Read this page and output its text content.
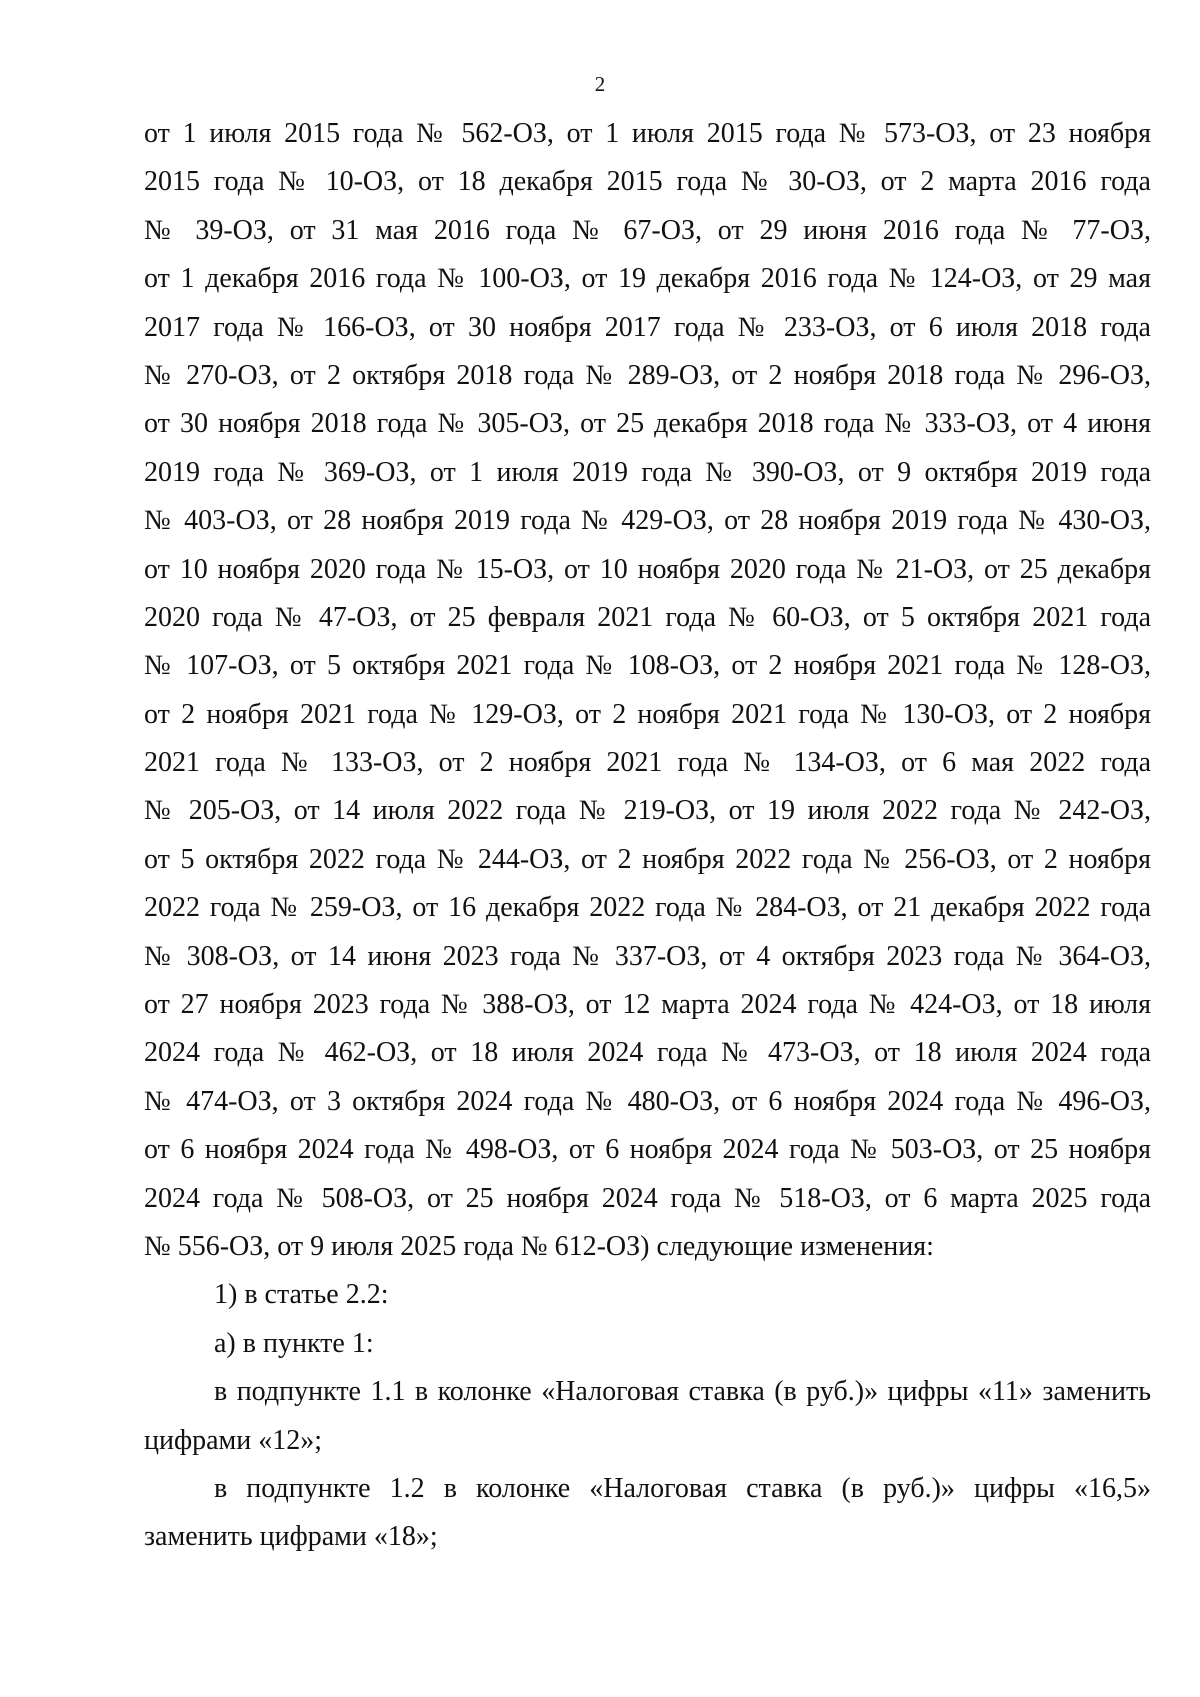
2
от 1 июля 2015 года № 562-ОЗ, от 1 июля 2015 года № 573-ОЗ, от 23 ноября
2015 года № 10-ОЗ, от 18 декабря 2015 года № 30-ОЗ, от 2 марта 2016 года
№ 39-ОЗ, от 31 мая 2016 года № 67-ОЗ, от 29 июня 2016 года № 77-ОЗ,
от 1 декабря 2016 года № 100-ОЗ, от 19 декабря 2016 года № 124-ОЗ, от 29 мая
2017 года № 166-ОЗ, от 30 ноября 2017 года № 233-ОЗ, от 6 июля 2018 года
№ 270-ОЗ, от 2 октября 2018 года № 289-ОЗ, от 2 ноября 2018 года № 296-ОЗ,
от 30 ноября 2018 года № 305-ОЗ, от 25 декабря 2018 года № 333-ОЗ, от 4 июня
2019 года № 369-ОЗ, от 1 июля 2019 года № 390-ОЗ, от 9 октября 2019 года
№ 403-ОЗ, от 28 ноября 2019 года № 429-ОЗ, от 28 ноября 2019 года № 430-ОЗ,
от 10 ноября 2020 года № 15-ОЗ, от 10 ноября 2020 года № 21-ОЗ, от 25 декабря
2020 года № 47-ОЗ, от 25 февраля 2021 года № 60-ОЗ, от 5 октября 2021 года
№ 107-ОЗ, от 5 октября 2021 года № 108-ОЗ, от 2 ноября 2021 года № 128-ОЗ,
от 2 ноября 2021 года № 129-ОЗ, от 2 ноября 2021 года № 130-ОЗ, от 2 ноября
2021 года № 133-ОЗ, от 2 ноября 2021 года № 134-ОЗ, от 6 мая 2022 года
№ 205-ОЗ, от 14 июля 2022 года № 219-ОЗ, от 19 июля 2022 года № 242-ОЗ,
от 5 октября 2022 года № 244-ОЗ, от 2 ноября 2022 года № 256-ОЗ, от 2 ноября
2022 года № 259-ОЗ, от 16 декабря 2022 года № 284-ОЗ, от 21 декабря 2022 года
№ 308-ОЗ, от 14 июня 2023 года № 337-ОЗ, от 4 октября 2023 года № 364-ОЗ,
от 27 ноября 2023 года № 388-ОЗ, от 12 марта 2024 года № 424-ОЗ, от 18 июля
2024 года № 462-ОЗ, от 18 июля 2024 года № 473-ОЗ, от 18 июля 2024 года
№ 474-ОЗ, от 3 октября 2024 года № 480-ОЗ, от 6 ноября 2024 года № 496-ОЗ,
от 6 ноября 2024 года № 498-ОЗ, от 6 ноября 2024 года № 503-ОЗ, от 25 ноября
2024 года № 508-ОЗ, от 25 ноября 2024 года № 518-ОЗ, от 6 марта 2025 года
№ 556-ОЗ, от 9 июля 2025 года № 612-ОЗ) следующие изменения:
1) в статье 2.2:
а) в пункте 1:
в подпункте 1.1 в колонке «Налоговая ставка (в руб.)» цифры «11» заменить
цифрами «12»;
в подпункте 1.2 в колонке «Налоговая ставка (в руб.)» цифры «16,5»
заменить цифрами «18»;
